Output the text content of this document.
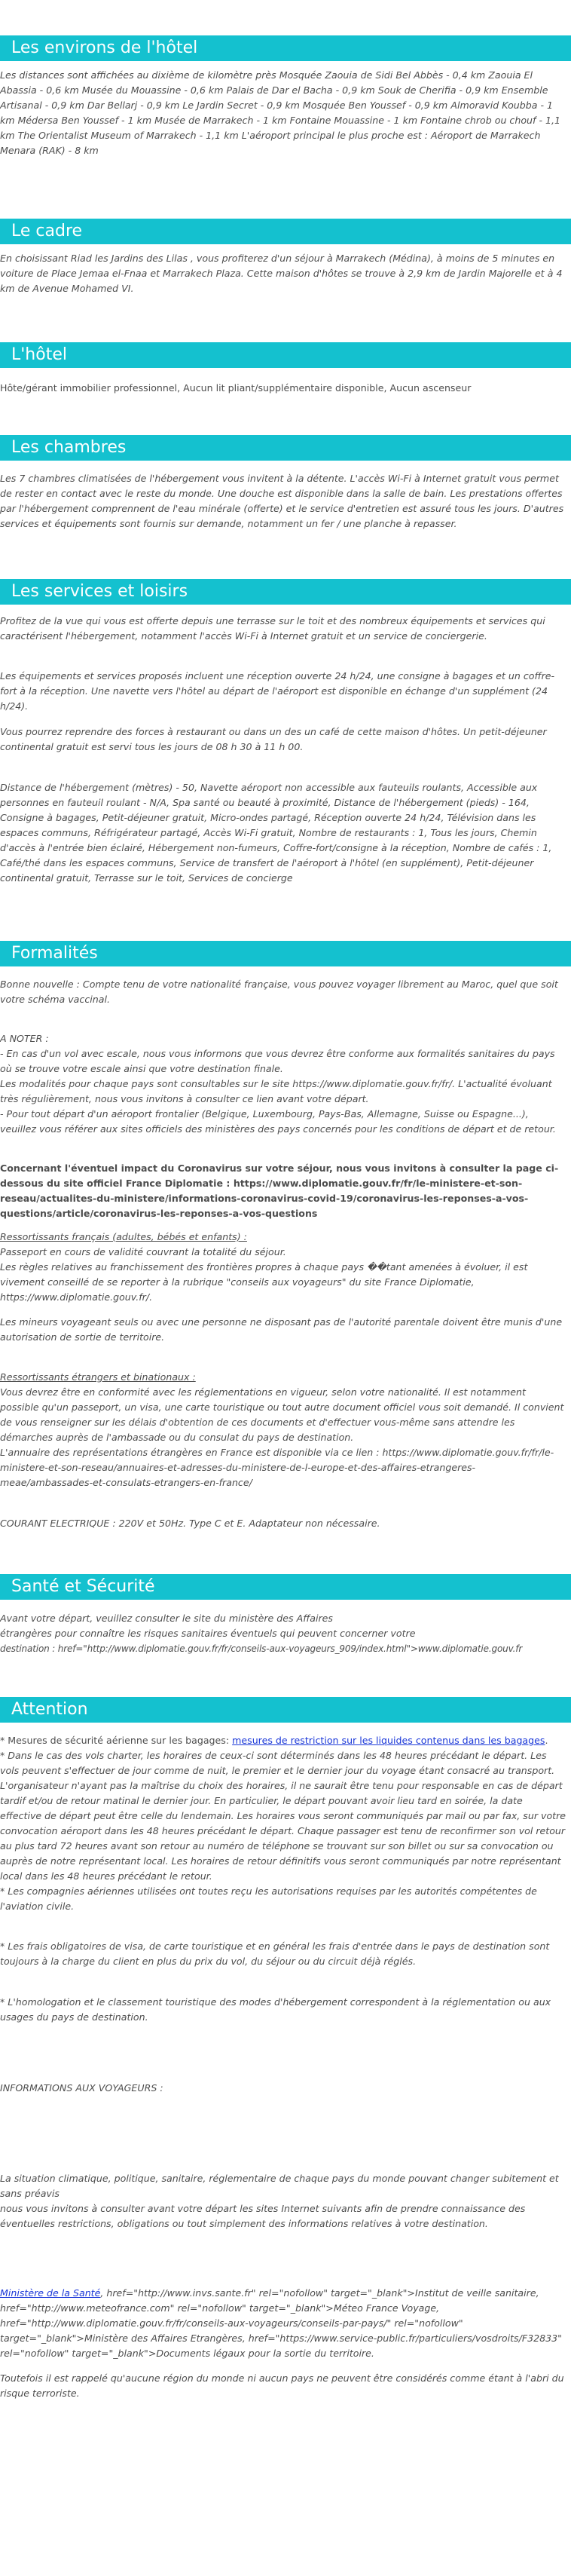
Les environs de l'hôtel

Les distances sont affichées au dixième de kilomètre près Mosquée Zaouia de Sidi Bel Abbès - 0,4 km Zaouia El Abassia - 0,6 km Musée du Mouassine - 0,6 km Palais de Dar el Bacha - 0,9 km Souk de Cherifia - 0,9 km Ensemble Artisanal - 0,9 km Dar Bellarj - 0,9 km Le Jardin Secret - 0,9 km Mosquée Ben Youssef - 0,9 km Almoravid Koubba - 1 km Médersa Ben Youssef - 1 km Musée de Marrakech - 1 km Fontaine Mouassine - 1 km Fontaine chrob ou chouf - 1,1 km The Orientalist Museum of Marrakech - 1,1 km L'aéroport principal le plus proche est : Aéroport de Marrakech Menara (RAK) - 8 km

Le cadre

En choisissant Riad les Jardins des Lilas , vous profiterez d'un séjour à Marrakech (Médina), à moins de 5 minutes en voiture de Place Jemaa el-Fnaa et Marrakech Plaza. Cette maison d'hôtes se trouve à 2,9 km de Jardin Majorelle et à 4 km de Avenue Mohamed VI.

L'hôtel

Hôte/gérant immobilier professionnel, Aucun lit pliant/supplémentaire disponible, Aucun ascenseur

Les chambres

Les 7 chambres climatisées de l'hébergement vous invitent à la détente. L'accès Wi-Fi à Internet gratuit vous permet de rester en contact avec le reste du monde. Une douche est disponible dans la salle de bain. Les prestations offertes par l'hébergement comprennent de l'eau minérale (offerte) et le service d'entretien est assuré tous les jours. D'autres services et équipements sont fournis sur demande, notamment un fer / une planche à repasser.

Les services et loisirs

Profitez de la vue qui vous est offerte depuis une terrasse sur le toit et des nombreux équipements et services qui caractérisent l'hébergement, notamment l'accès Wi-Fi à Internet gratuit et un service de conciergerie.

Les équipements et services proposés incluent une réception ouverte 24 h/24, une consigne à bagages et un coffre-fort à la réception. Une navette vers l'hôtel au départ de l'aéroport est disponible en échange d'un supplément (24 h/24).

Vous pourrez reprendre des forces à restaurant ou dans un des un café de cette maison d'hôtes. Un petit-déjeuner continental gratuit est servi tous les jours de 08 h 30 à 11 h 00.

Distance de l'hébergement (mètres) - 50, Navette aéroport non accessible aux fauteuils roulants, Accessible aux personnes en fauteuil roulant - N/A, Spa santé ou beauté à proximité, Distance de l'hébergement (pieds) - 164, Consigne à bagages, Petit-déjeuner gratuit, Micro-ondes partagé, Réception ouverte 24 h/24, Télévision dans les espaces communs, Réfrigérateur partagé, Accès Wi-Fi gratuit, Nombre de restaurants : 1, Tous les jours, Chemin d'accès à l'entrée bien éclairé, Hébergement non-fumeurs, Coffre-fort/consigne à la réception, Nombre de cafés : 1, Café/thé dans les espaces communs, Service de transfert de l'aéroport à l'hôtel (en supplément), Petit-déjeuner continental gratuit, Terrasse sur le toit, Services de concierge

Formalités

Bonne nouvelle : Compte tenu de votre nationalité française, vous pouvez voyager librement au Maroc, quel que soit votre schéma vaccinal.

A NOTER :

- En cas d'un vol avec escale, nous vous informons que vous devrez être conforme aux formalités sanitaires du pays où se trouve votre escale ainsi que votre destination finale.

Les modalités pour chaque pays sont consultables sur le site https://www.diplomatie.gouv.fr/fr/. L'actualité évoluant très régulièrement, nous vous invitons à consulter ce lien avant votre départ.

- Pour tout départ d'un aéroport frontalier (Belgique, Luxembourg, Pays-Bas, Allemagne, Suisse ou Espagne...), veuillez vous référer aux sites officiels des ministères des pays concernés pour les conditions de départ et de retour.

Concernant l'éventuel impact du Coronavirus sur votre séjour, nous vous invitons à consulter la page ci-dessous du site officiel France Diplomatie : https://www.diplomatie.gouv.fr/fr/le-ministere-et-son-reseau/actualites-du-ministere/informations-coronavirus-covid-19/coronavirus-les-reponses-a-vos-questions/article/coronavirus-les-reponses-a-vos-questions

Ressortissants français (adultes, bébés et enfants) :

Passeport en cours de validité couvrant la totalité du séjour.

Les règles relatives au franchissement des frontières propres à chaque pays ��tant amenées à évoluer, il est vivement conseillé de se reporter à la rubrique "conseils aux voyageurs" du site France Diplomatie, https://www.diplomatie.gouv.fr/.

Les mineurs voyageant seuls ou avec une personne ne disposant pas de l'autorité parentale doivent être munis d'une autorisation de sortie de territoire.

Ressortissants étrangers et binationaux :

Vous devrez être en conformité avec les réglementations en vigueur, selon votre nationalité. Il est notamment possible qu'un passeport, un visa, une carte touristique ou tout autre document officiel vous soit demandé. Il convient de vous renseigner sur les délais d'obtention de ces documents et d'effectuer vous-même sans attendre les démarches auprès de l'ambassade ou du consulat du pays de destination.

L'annuaire des représentations étrangères en France est disponible via ce lien : https://www.diplomatie.gouv.fr/fr/le-ministere-et-son-reseau/annuaires-et-adresses-du-ministere-de-l-europe-et-des-affaires-etrangeres-meae/ambassades-et-consulats-etrangers-en-france/

COURANT ELECTRIQUE : 220V et 50Hz. Type C et E. Adaptateur non nécessaire.

Santé et Sécurité

Avant votre départ, veuillez consulter le site du ministère des Affaires

étrangères pour connaître les risques sanitaires éventuels qui peuvent concerner votre

destination : href="http://www.diplomatie.gouv.fr/fr/conseils-aux-voyageurs_909/index.html">www.diplomatie.gouv.fr

Attention

* Mesures de sécurité aérienne sur les bagages: mesures de restriction sur les liquides contenus dans les bagages.

* Dans le cas des vols charter, les horaires de ceux-ci sont déterminés dans les 48 heures précédant le départ. Les vols peuvent s'effectuer de jour comme de nuit, le premier et le dernier jour du voyage étant consacré au transport. L'organisateur n'ayant pas la maîtrise du choix des horaires, il ne saurait être tenu pour responsable en cas de départ tardif et/ou de retour matinal le dernier jour. En particulier, le départ pouvant avoir lieu tard en soirée, la date effective de départ peut être celle du lendemain. Les horaires vous seront communiqués par mail ou par fax, sur votre convocation aéroport dans les 48 heures précédant le départ. Chaque passager est tenu de reconfirmer son vol retour au plus tard 72 heures avant son retour au numéro de téléphone se trouvant sur son billet ou sur sa convocation ou auprès de notre représentant local. Les horaires de retour définitifs vous seront communiqués par notre représentant local dans les 48 heures précédant le retour.

* Les compagnies aériennes utilisées ont toutes reçu les autorisations requises par les autorités compétentes de l'aviation civile.

* Les frais obligatoires de visa, de carte touristique et en général les frais d'entrée dans le pays de destination sont toujours à la charge du client en plus du prix du vol, du séjour ou du circuit déjà réglés.

* L'homologation et le classement touristique des modes d'hébergement correspondent à la réglementation ou aux usages du pays de destination.

INFORMATIONS AUX VOYAGEURS :

La situation climatique, politique, sanitaire, réglementaire de chaque pays du monde pouvant changer subitement et sans préavis

nous vous invitons à consulter avant votre départ les sites Internet suivants afin de prendre connaissance des éventuelles restrictions, obligations ou tout simplement des informations relatives à votre destination.

Ministère de la Santé, href="http://www.invs.sante.fr" rel="nofollow" target="_blank">Institut de veille sanitaire, href="http://www.meteofrance.com" rel="nofollow" target="_blank">Méteo France Voyage, href="http://www.diplomatie.gouv.fr/fr/conseils-aux-voyageurs/conseils-par-pays/" rel="nofollow" target="_blank">Ministère des Affaires Etrangères, href="https://www.service-public.fr/particuliers/vosdroits/F32833" rel="nofollow" target="_blank">Documents légaux pour la sortie du territoire.

Toutefois il est rappelé qu'aucune région du monde ni aucun pays ne peuvent être considérés comme étant à l'abri du risque terroriste.
